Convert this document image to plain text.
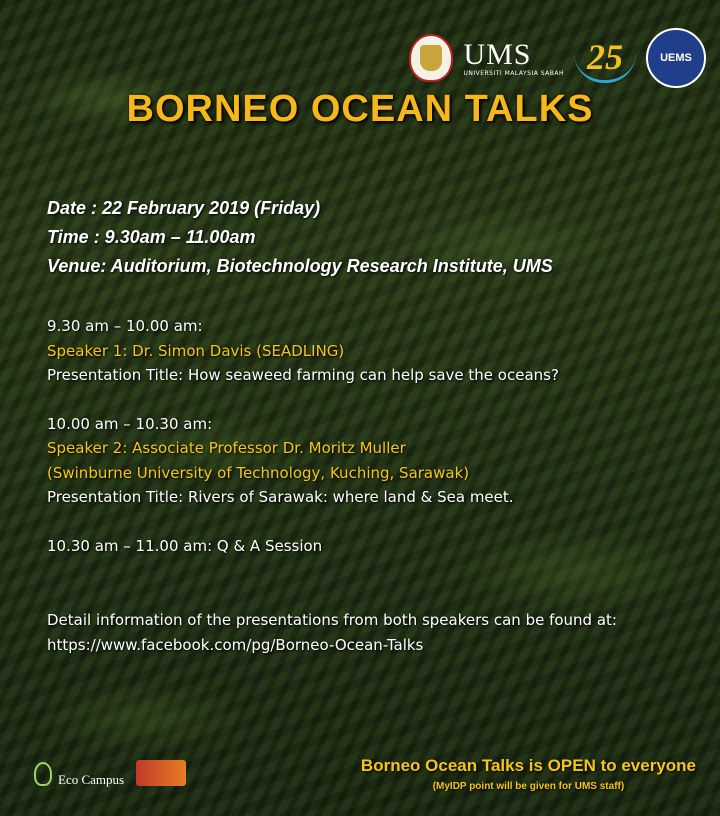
UMS
UNIVERSITI MALAYSIA SABAH 25	UEMS
BORNEO OCEAN TALKS
Date : 22 February 2019 (Friday)
Time : 9.30am – 11.00am
Venue: Auditorium, Biotechnology Research Institute, UMS
9.30 am – 10.00 am:
Speaker 1: Dr. Simon Davis (SEADLING)
Presentation Title: How seaweed farming can help save the oceans?
10.00 am – 10.30 am:
Speaker 2: Associate Professor Dr. Moritz Muller
(Swinburne University of Technology, Kuching, Sarawak)
Presentation Title: Rivers of Sarawak: where land & Sea meet.
10.30 am – 11.00 am: Q & A Session
Detail information of the presentations from both speakers can be found at:
https://www.facebook.com/pg/Borneo-Ocean-Talks
Eco Campus
Borneo Ocean Talks is OPEN to everyone
(MyIDP point will be given for UMS staff)
